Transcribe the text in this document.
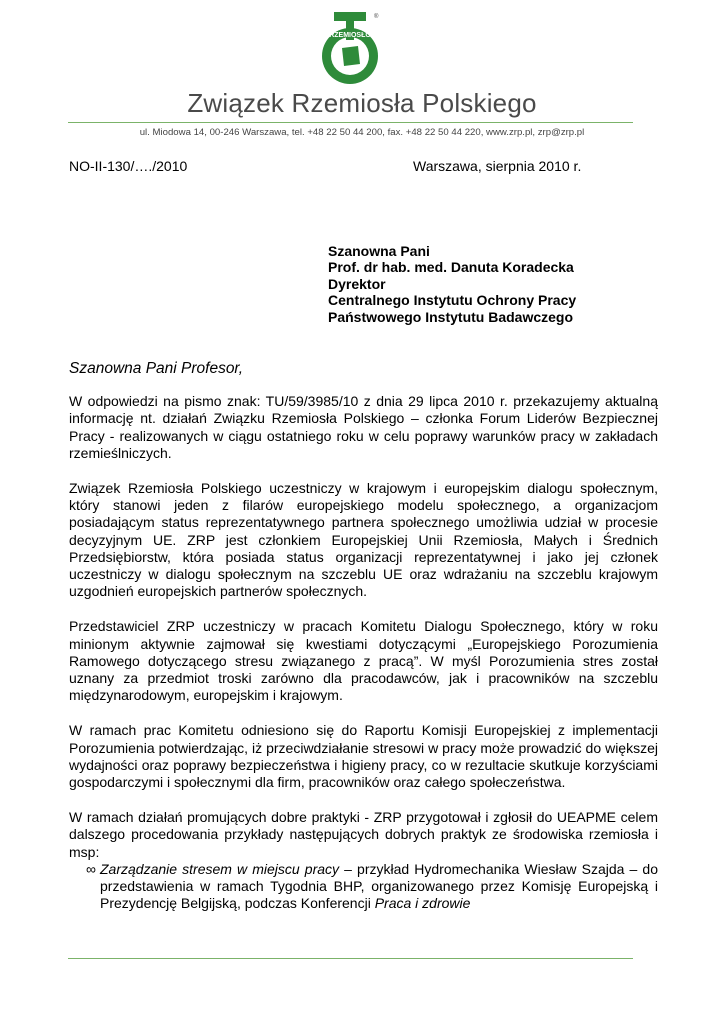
RZEMIOSŁO
®
Związek Rzemiosła Polskiego
ul. Miodowa 14, 00-246 Warszawa, tel. +48 22 50 44 200, fax. +48 22 50 44 220, www.zrp.pl, zrp@zrp.pl
NO-II-130/…./2010	Warszawa, sierpnia 2010 r.
Szanowna Pani
Prof. dr hab. med. Danuta Koradecka
Dyrektor
Centralnego Instytutu Ochrony Pracy
Państwowego Instytutu Badawczego
Szanowna Pani Profesor,

W odpowiedzi na pismo znak: TU/59/3985/10 z dnia 29 lipca 2010 r. przekazujemy aktualną informację nt. działań Związku Rzemiosła Polskiego – członka Forum Liderów Bezpiecznej Pracy - realizowanych w ciągu ostatniego roku w celu poprawy warunków pracy w zakładach rzemieślniczych.

Związek Rzemiosła Polskiego uczestniczy w krajowym i europejskim dialogu społecznym, który stanowi jeden z filarów europejskiego modelu społecznego, a organizacjom posiadającym status reprezentatywnego partnera społecznego umożliwia udział w procesie decyzyjnym UE. ZRP jest członkiem Europejskiej Unii Rzemiosła, Małych i Średnich Przedsiębiorstw, która posiada status organizacji reprezentatywnej i jako jej członek uczestniczy w dialogu społecznym na szczeblu UE oraz wdrażaniu na szczeblu krajowym uzgodnień europejskich partnerów społecznych.

Przedstawiciel ZRP uczestniczy w pracach Komitetu Dialogu Społecznego, który w roku minionym aktywnie zajmował się kwestiami dotyczącymi „Europejskiego Porozumienia Ramowego dotyczącego stresu związanego z pracą”. W myśl Porozumienia stres został uznany za przedmiot troski zarówno dla pracodawców, jak i pracowników na szczeblu międzynarodowym, europejskim i krajowym.

W ramach prac Komitetu odniesiono się do Raportu Komisji Europejskiej z implementacji Porozumienia potwierdzając, iż przeciwdziałanie stresowi w pracy może prowadzić do większej wydajności oraz poprawy bezpieczeństwa i higieny pracy, co w rezultacie skutkuje korzyściami gospodarczymi i społecznymi dla firm, pracowników oraz całego społeczeństwa.

W ramach działań promujących dobre praktyki - ZRP przygotował i zgłosił do UEAPME celem dalszego procedowania przykłady następujących dobrych praktyk ze środowiska rzemiosła i msp:

∞ Zarządzanie stresem w miejscu pracy – przykład Hydromechanika Wiesław Szajda – do przedstawienia w ramach Tygodnia BHP, organizowanego przez Komisję Europejską i Prezydencję Belgijską, podczas Konferencji Praca i zdrowie
